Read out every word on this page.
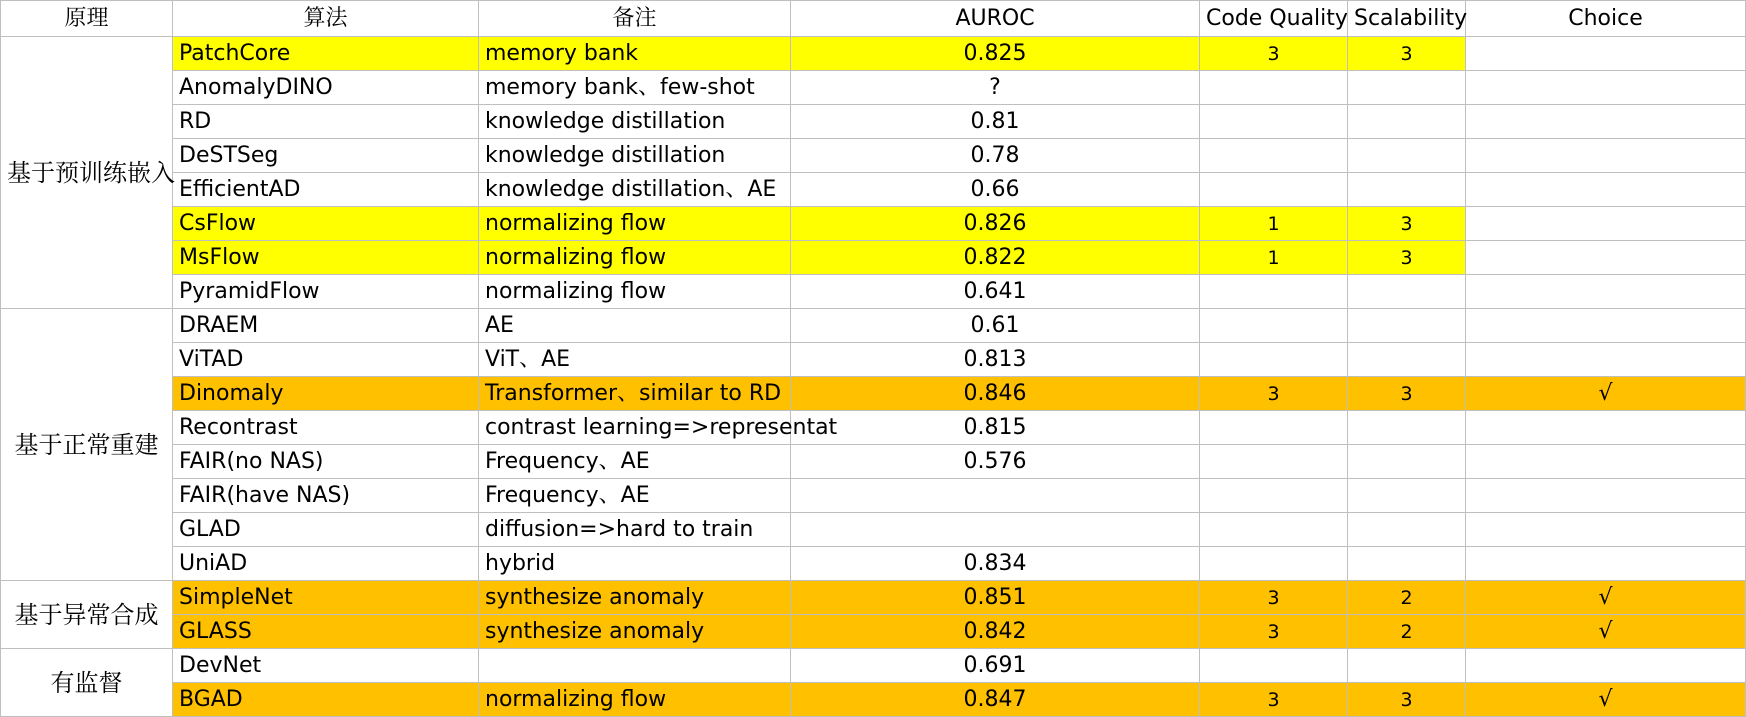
原理	算法	备注	AUROC	Code Quality	Scalability	Choice
基于预训练嵌入	PatchCore	memory bank	0.825	3	3	
	AnomalyDINO	memory bank、few-shot	?			
	RD	knowledge distillation	0.81			
	DeSTSeg	knowledge distillation	0.78			
	EfficientAD	knowledge distillation、AE	0.66			
	CsFlow	normalizing flow	0.826	1	3	
	MsFlow	normalizing flow	0.822	1	3	
	PyramidFlow	normalizing flow	0.641			
基于正常重建	DRAEM	AE	0.61			
	ViTAD	ViT、AE	0.813			
	Dinomaly	Transformer、similar to RD	0.846	3	3	√
	Recontrast	contrast learning=>representat	0.815			
	FAIR(no NAS)	Frequency、AE	0.576			
	FAIR(have NAS)	Frequency、AE				
	GLAD	diffusion=>hard to train				
	UniAD	hybrid	0.834			
基于异常合成	SimpleNet	synthesize anomaly	0.851	3	2	√
	GLASS	synthesize anomaly	0.842	3	2	√
有监督	DevNet		0.691			
	BGAD	normalizing flow	0.847	3	3	√
